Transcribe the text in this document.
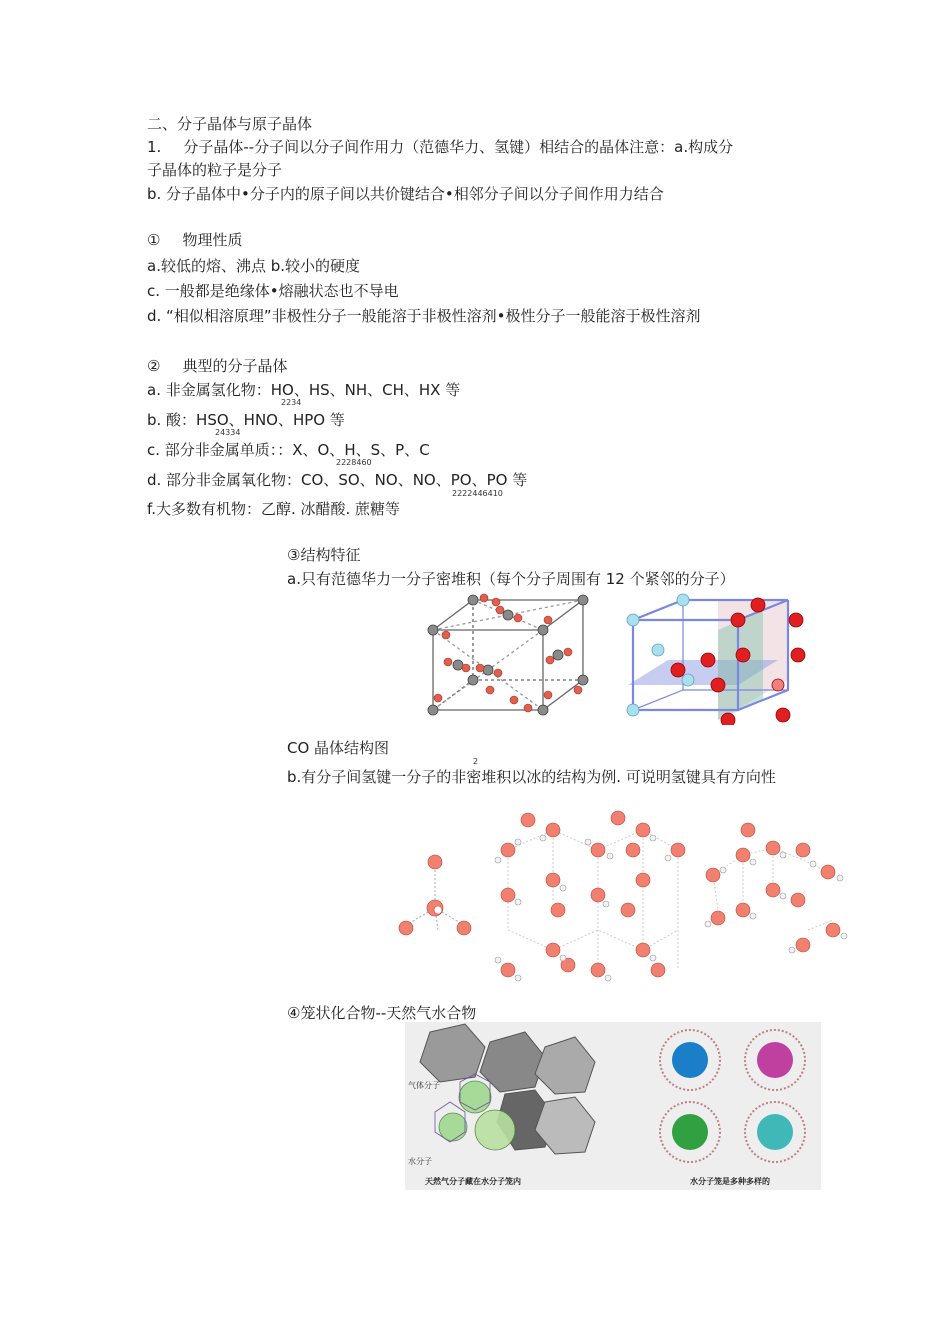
二、分子晶体与原子晶体
1. 分子晶体--分子间以分子间作用力（范德华力、氢键）相结合的晶体注意：a.构成分
子晶体的粒子是分子
b. 分子晶体中•分子内的原子间以共价键结合•相邻分子间以分子间作用力结合
① 物理性质
a.较低的熔、沸点 b.较小的硬度
c. 一般都是绝缘体•熔融状态也不导电
d. “相似相溶原理”非极性分子一般能溶于非极性溶剂•极性分子一般能溶于极性溶剂
② 典型的分子晶体
a. 非金属氢化物：HO、HS、NH、CH、HX 等
2234
b. 酸：HSO、HNO、HPO 等
24334
c. 部分非金属单质：：X、O、H、S、P、C
2228460
d. 部分非金属氧化物：CO、SO、NO、NO、PO、PO 等
2222446410
f.大多数有机物：乙醇. 冰醋酸. 蔗糖等
③结构特征
a.只有范德华力一分子密堆积（每个分子周围有 12 个紧邻的分子）
CO 晶体结构图
2
b.有分子间氢键一分子的非密堆积以冰的结构为例. 可说明氢键具有方向性
④笼状化合物--天然气水合物
气体分子
水分子
天然气分子藏在水分子笼内	水分子笼是多种多样的
